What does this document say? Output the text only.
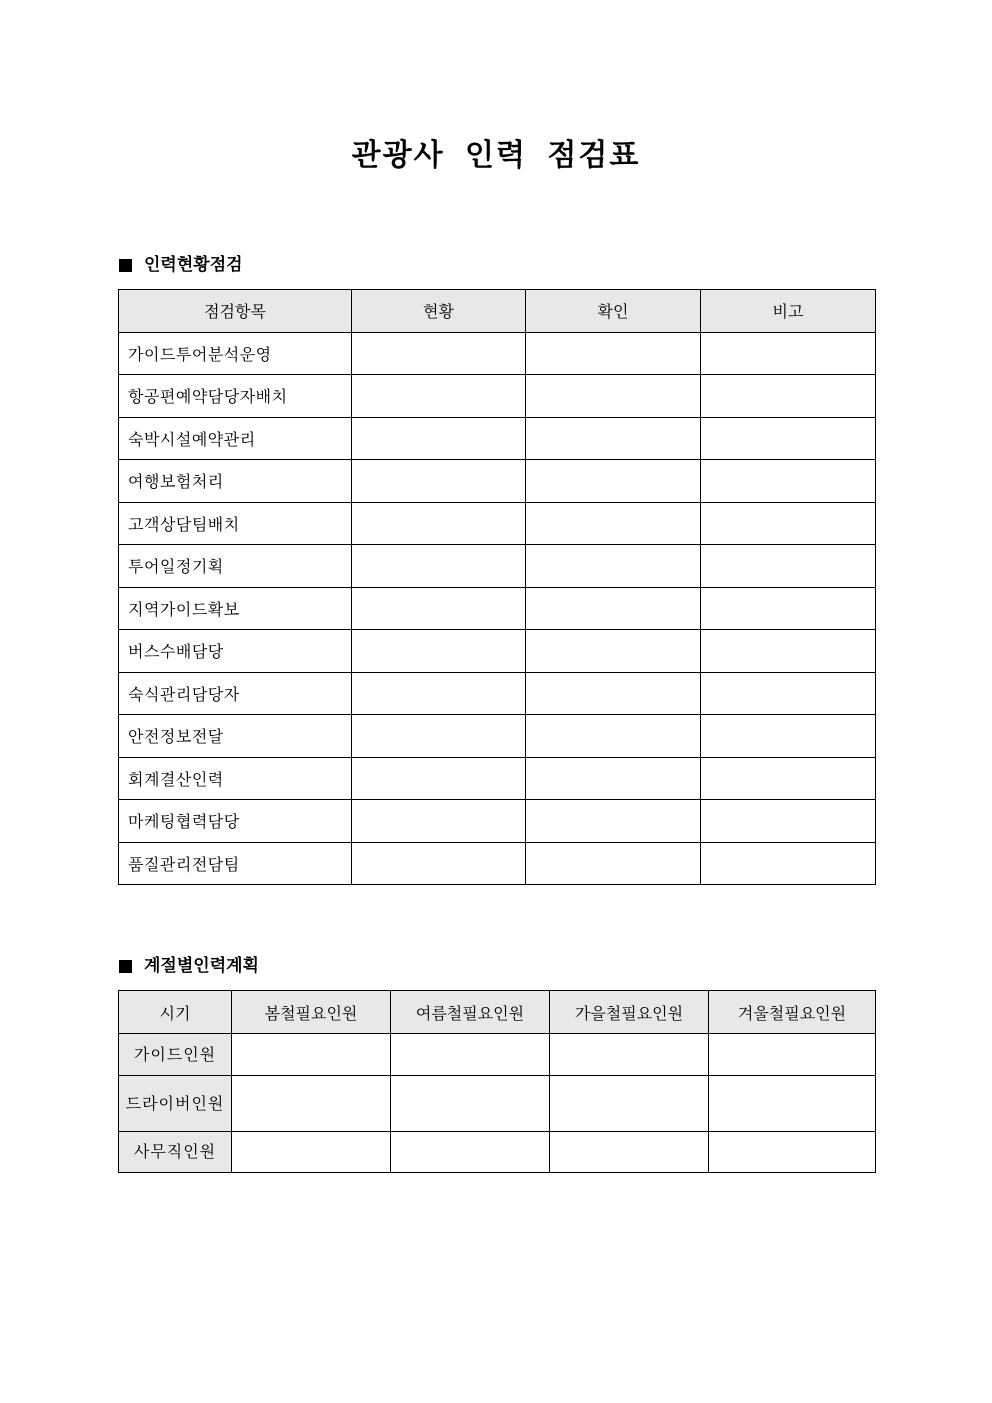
관광사 인력 점검표
인력현황점검
점검항목	현황	확인	비고
가이드투어분석운영			
항공편예약담당자배치			
숙박시설예약관리			
여행보험처리			
고객상담팀배치			
투어일정기획			
지역가이드확보			
버스수배담당			
숙식관리담당자			
안전정보전달			
회계결산인력			
마케팅협력담당			
품질관리전담팀			
계절별인력계획
시기	봄철필요인원	여름철필요인원	가을철필요인원	겨울철필요인원
가이드인원				
드라이버인원				
사무직인원				
